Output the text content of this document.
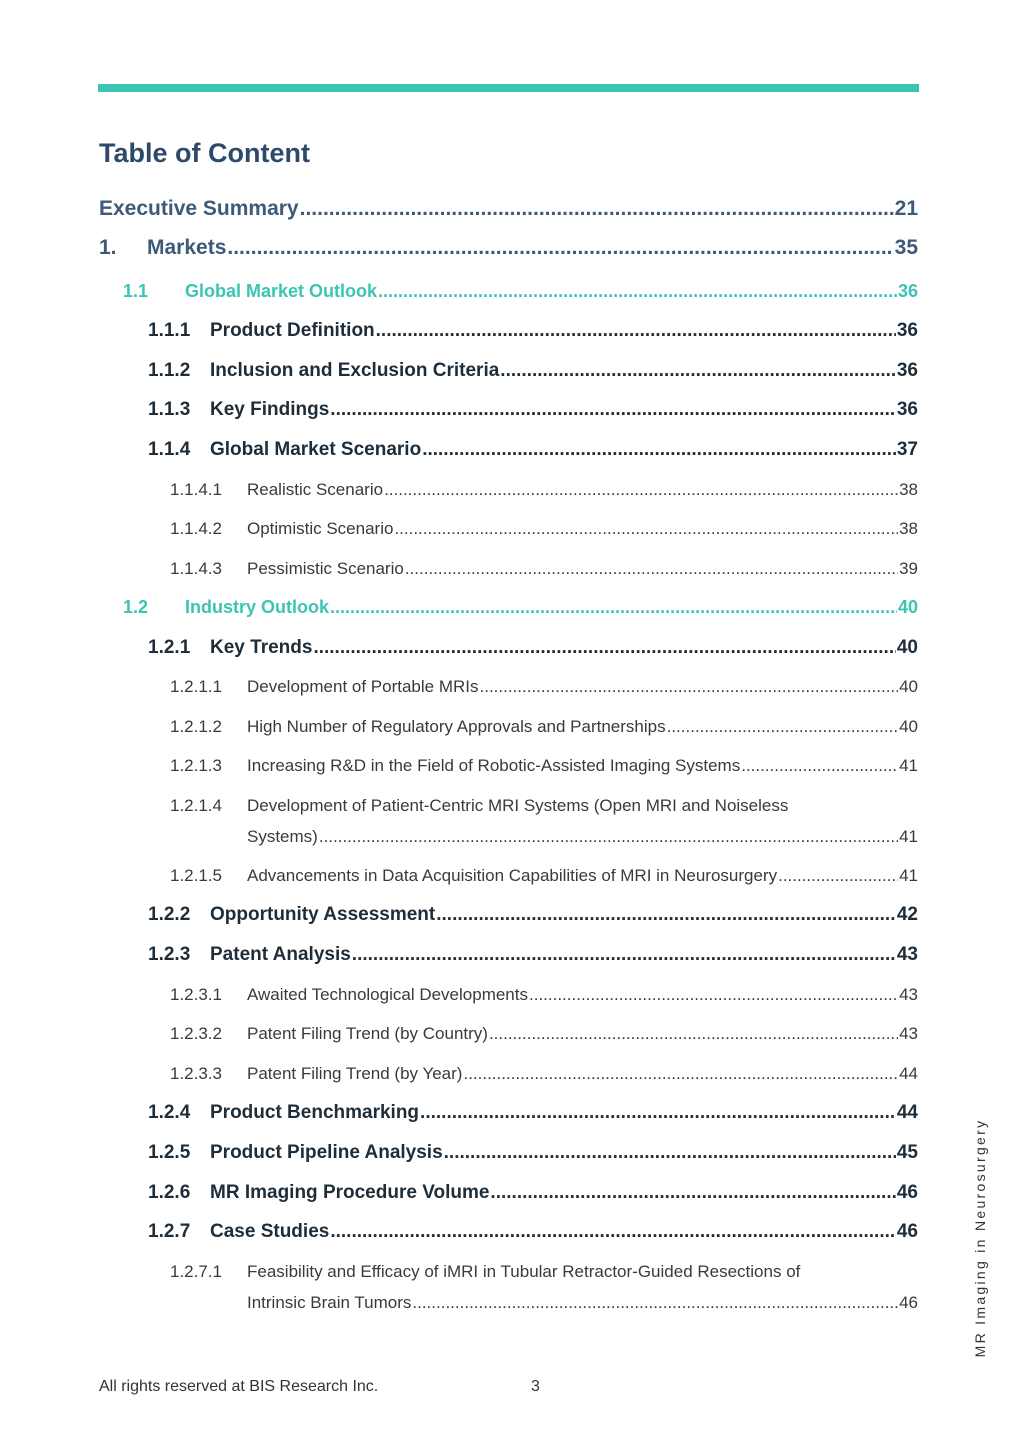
Table of Content
Executive Summary .....	21
1.	Markets .....	35
1.1	Global Market Outlook .....	36
1.1.1	Product Definition .....	36
1.1.2	Inclusion and Exclusion Criteria .....	36
1.1.3	Key Findings .....	36
1.1.4	Global Market Scenario .....	37
1.1.4.1	Realistic Scenario .....	38
1.1.4.2	Optimistic Scenario .....	38
1.1.4.3	Pessimistic Scenario .....	39
1.2	Industry Outlook .....	40
1.2.1	Key Trends .....	40
1.2.1.1	Development of Portable MRIs .....	40
1.2.1.2	High Number of Regulatory Approvals and Partnerships .....	40
1.2.1.3	Increasing R&D in the Field of Robotic-Assisted Imaging Systems .....	41
1.2.1.4 Development of Patient-Centric MRI Systems (Open MRI and Noiseless
Systems) .....	41
1.2.1.5	Advancements in Data Acquisition Capabilities of MRI in Neurosurgery .....	41
1.2.2	Opportunity Assessment .....	42
1.2.3	Patent Analysis .....	43
1.2.3.1	Awaited Technological Developments .....	43
1.2.3.2	Patent Filing Trend (by Country) .....	43
1.2.3.3	Patent Filing Trend (by Year) .....	44
1.2.4	Product Benchmarking .....	44
1.2.5	Product Pipeline Analysis .....	45
1.2.6	MR Imaging Procedure Volume .....	46
1.2.7	Case Studies .....	46
1.2.7.1 Feasibility and Efficacy of iMRI in Tubular Retractor-Guided Resections of
Intrinsic Brain Tumors .....	46	MR Imaging in Neurosurgery
All rights reserved at BIS Research Inc.	3
